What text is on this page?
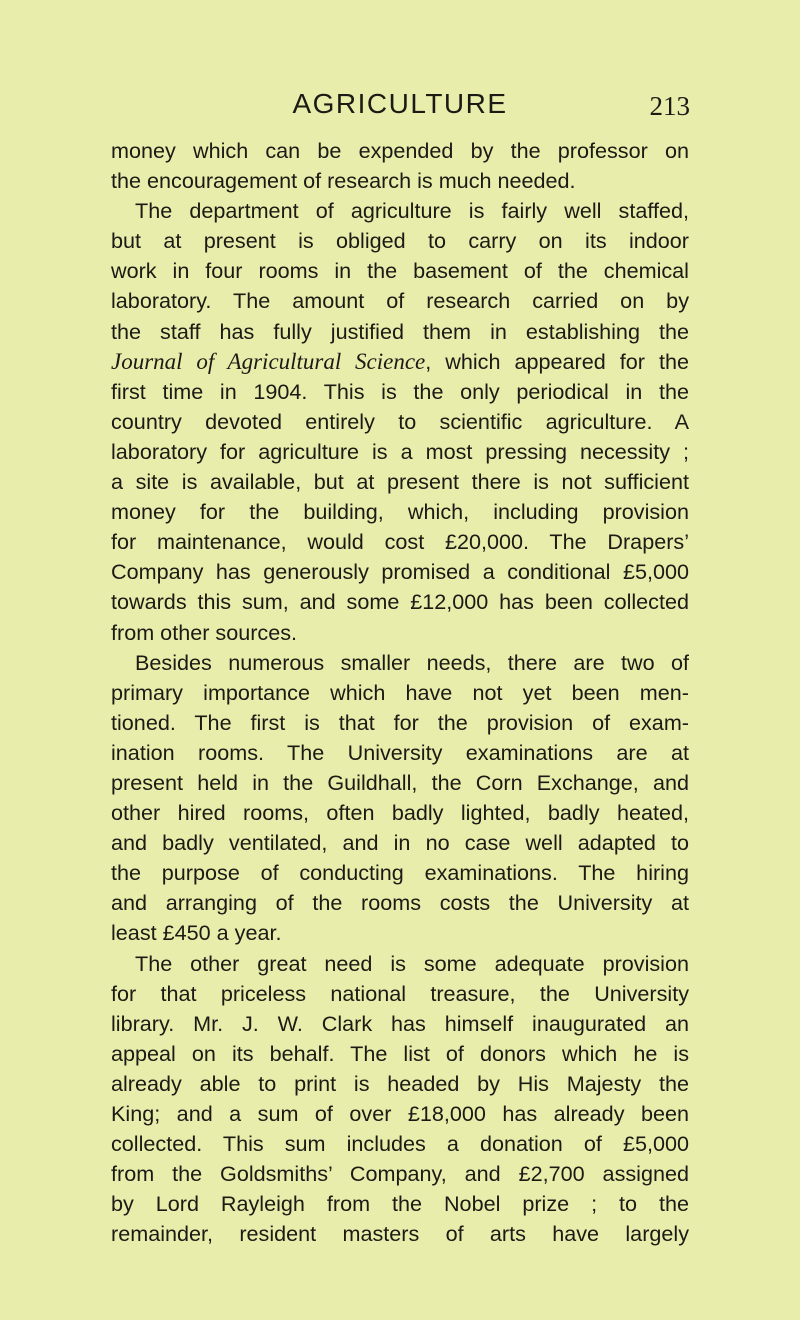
AGRICULTURE	213
money which can be expended by the professor on
the encouragement of research is much needed.
The department of agriculture is fairly well staffed,
but at present is obliged to carry on its indoor
work in four rooms in the basement of the chemical
laboratory. The amount of research carried on by
the staff has fully justified them in establishing the
Journal of Agricultural Science, which appeared for the
first time in 1904. This is the only periodical in the
country devoted entirely to scientific agriculture. A
laboratory for agriculture is a most pressing necessity ;
a site is available, but at present there is not sufficient
money for the building, which, including provision
for maintenance, would cost £20,000. The Drapers’
Company has generously promised a conditional £5,000
towards this sum, and some £12,000 has been collected
from other sources.
Besides numerous smaller needs, there are two of
primary importance which have not yet been men-
tioned. The first is that for the provision of exam-
ination rooms. The University examinations are at
present held in the Guildhall, the Corn Exchange, and
other hired rooms, often badly lighted, badly heated,
and badly ventilated, and in no case well adapted to
the purpose of conducting examinations. The hiring
and arranging of the rooms costs the University at
least £450 a year.
The other great need is some adequate provision
for that priceless national treasure, the University
library. Mr. J. W. Clark has himself inaugurated an
appeal on its behalf. The list of donors which he is
already able to print is headed by His Majesty the
King; and a sum of over £18,000 has already been
collected. This sum includes a donation of £5,000
from the Goldsmiths’ Company, and £2,700 assigned
by Lord Rayleigh from the Nobel prize ; to the
remainder, resident masters of arts have largely
